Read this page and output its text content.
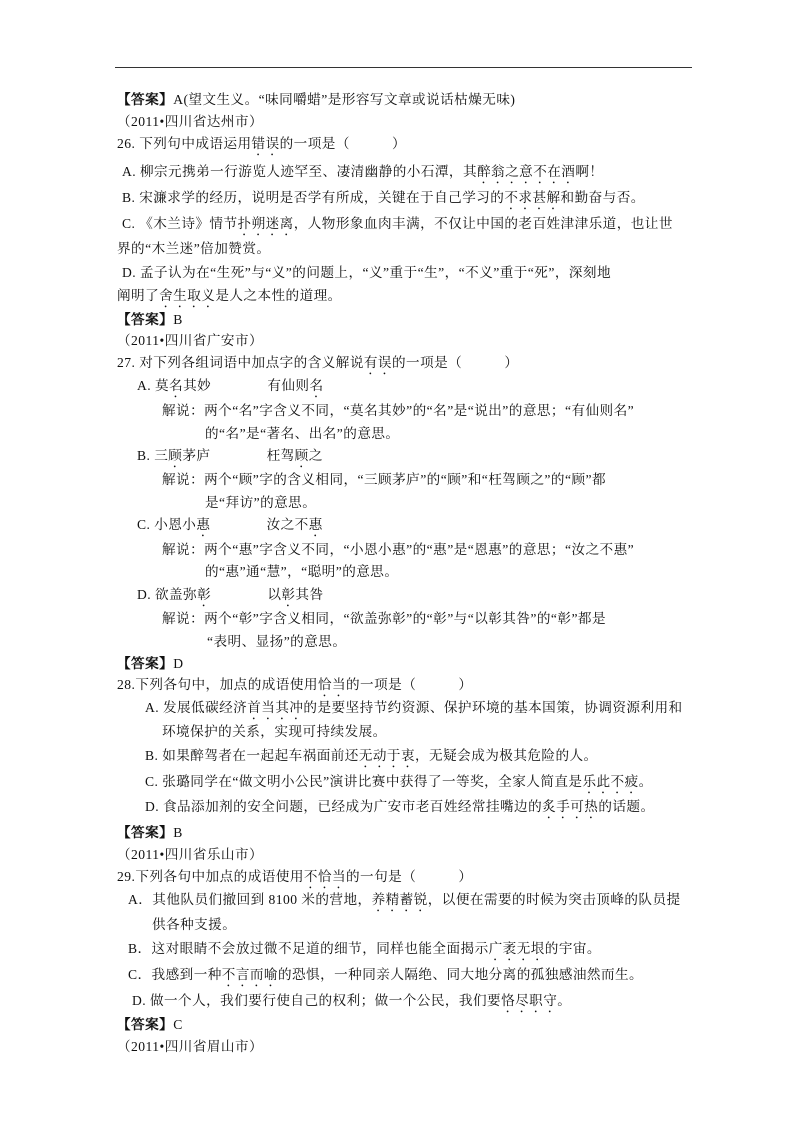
【答案】A(望文生义。“味同嚼蜡”是形容写文章或说话枯燥无味)
（2011•四川省达州市）
26. 下列句中成语运用错误的一项是（　　　）
A. 柳宗元携弟一行游览人迹罕至、凄清幽静的小石潭，其醉翁之意不在酒啊！
B. 宋濂求学的经历，说明是否学有所成，关键在于自己学习的不求甚解和勤奋与否。
C. 《木兰诗》情节扑朔迷离，人物形象血肉丰满，不仅让中国的老百姓津津乐道，也让世
界的“木兰迷”倍加赞赏。
D. 孟子认为在“生死”与“义”的问题上，“义”重于“生”，“不义”重于“死”，深刻地
阐明了舍生取义是人之本性的道理。
【答案】B
（2011•四川省广安市）
27. 对下列各组词语中加点字的含义解说有误的一项是（　　　）
A. 莫名其妙　　　　有仙则名
解说：两个“名”字含义不同，“莫名其妙”的“名”是“说出”的意思；“有仙则名”
的“名”是“著名、出名”的意思。
B. 三顾茅庐　　　　枉驾顾之
解说：两个“顾”字的含义相同，“三顾茅庐”的“顾”和“枉驾顾之”的“顾”都
是“拜访”的意思。
C. 小恩小惠　　　　汝之不惠
解说：两个“惠”字含义不同，“小恩小惠”的“惠”是“恩惠”的意思；“汝之不惠”
的“惠”通“慧”，“聪明”的意思。
D. 欲盖弥彰　　　　以彰其咎
解说：两个“彰”字含义相同，“欲盖弥彰”的“彰”与“以彰其咎”的“彰”都是
“表明、显扬”的意思。
【答案】D
28.下列各句中，加点的成语使用恰当的一项是（　　　）
A. 发展低碳经济首当其冲的是要坚持节约资源、保护环境的基本国策，协调资源利用和
环境保护的关系，实现可持续发展。
B. 如果醉驾者在一起起车祸面前还无动于衷，无疑会成为极其危险的人。
C. 张璐同学在“做文明小公民”演讲比赛中获得了一等奖，全家人简直是乐此不疲。
D. 食品添加剂的安全问题，已经成为广安市老百姓经常挂嘴边的炙手可热的话题。
【答案】B
（2011•四川省乐山市）
29.下列各句中加点的成语使用不恰当的一句是（　　　）
A．其他队员们撤回到 8100 米的营地，养精蓄锐，以便在需要的时候为突击顶峰的队员提
供各种支援。
B．这对眼睛不会放过微不足道的细节，同样也能全面揭示广袤无垠的宇宙。
C．我感到一种不言而喻的恐惧，一种同亲人隔绝、同大地分离的孤独感油然而生。
D. 做一个人，我们要行使自己的权利；做一个公民，我们要恪尽职守。
【答案】C
（2011•四川省眉山市）
